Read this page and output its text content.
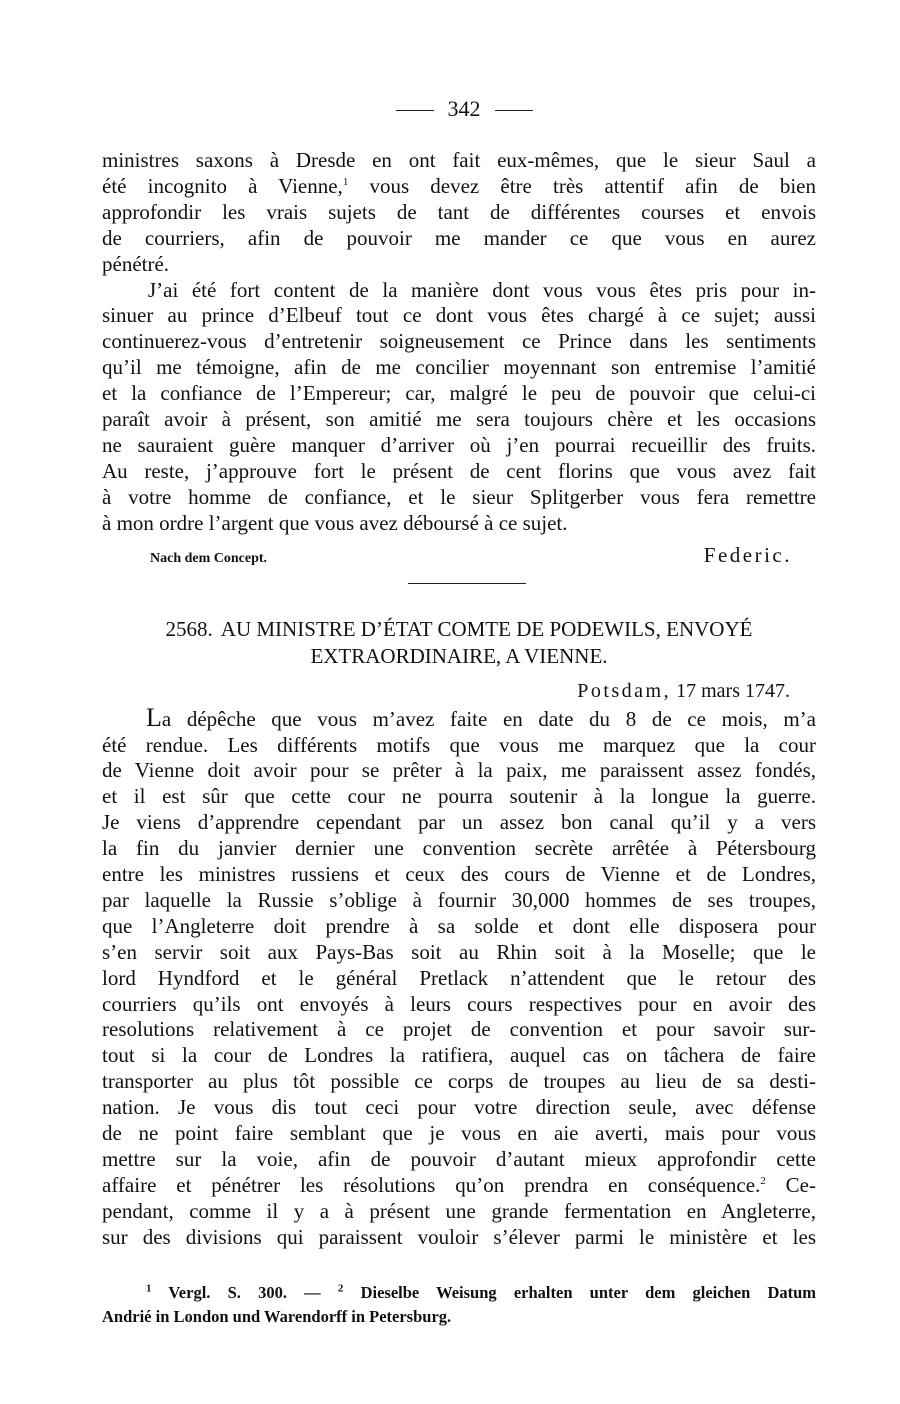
342
ministres saxons à Dresde en ont fait eux-mêmes, que le sieur Saul a
été incognito à Vienne,$^1$ vous devez être très attentif afin de bien
approfondir les vrais sujets de tant de différentes courses et envois
de courriers, afin de pouvoir me mander ce que vous en aurez
pénétré.
J’ai été fort content de la manière dont vous vous êtes pris pour in-
sinuer au prince d’Elbeuf tout ce dont vous êtes chargé à ce sujet; aussi
continuerez-vous d’entretenir soigneusement ce Prince dans les sentiments
qu’il me témoigne, afin de me concilier moyennant son entremise l’amitié
et la confiance de l’Empereur; car, malgré le peu de pouvoir que celui-ci
paraît avoir à présent, son amitié me sera toujours chère et les occasions
ne sauraient guère manquer d’arriver où j’en pourrai recueillir des fruits.
Au reste, j’approuve fort le présent de cent florins que vous avez fait
à votre homme de confiance, et le sieur Splitgerber vous fera remettre
à mon ordre l’argent que vous avez déboursé à ce sujet.
Nach dem Concept.	Federic.
2568. AU MINISTRE D’ÉTAT COMTE DE PODEWILS, ENVOYÉ
EXTRAORDINAIRE, A VIENNE.
Potsdam, 17 mars 1747.
La dépêche que vous m’avez faite en date du 8 de ce mois, m’a
été rendue. Les différents motifs que vous me marquez que la cour
de Vienne doit avoir pour se prêter à la paix, me paraissent assez fondés,
et il est sûr que cette cour ne pourra soutenir à la longue la guerre.
Je viens d’apprendre cependant par un assez bon canal qu’il y a vers
la fin du janvier dernier une convention secrète arrêtée à Pétersbourg
entre les ministres russiens et ceux des cours de Vienne et de Londres,
par laquelle la Russie s’oblige à fournir 30,000 hommes de ses troupes,
que l’Angleterre doit prendre à sa solde et dont elle disposera pour
s’en servir soit aux Pays-Bas soit au Rhin soit à la Moselle; que le
lord Hyndford et le général Pretlack n’attendent que le retour des
courriers qu’ils ont envoyés à leurs cours respectives pour en avoir des
resolutions relativement à ce projet de convention et pour savoir sur-
tout si la cour de Londres la ratifiera, auquel cas on tâchera de faire
transporter au plus tôt possible ce corps de troupes au lieu de sa desti-
nation. Je vous dis tout ceci pour votre direction seule, avec défense
de ne point faire semblant que je vous en aie averti, mais pour vous
mettre sur la voie, afin de pouvoir d’autant mieux approfondir cette
affaire et pénétrer les résolutions qu’on prendra en conséquence.$^2$ Ce-
pendant, comme il y a à présent une grande fermentation en Angleterre,
sur des divisions qui paraissent vouloir s’élever parmi le ministère et les
$^1$ Vergl. S. 300. — $^2$ Dieselbe Weisung erhalten unter dem gleichen Datum
Andrié in London und Warendorff in Petersburg.
